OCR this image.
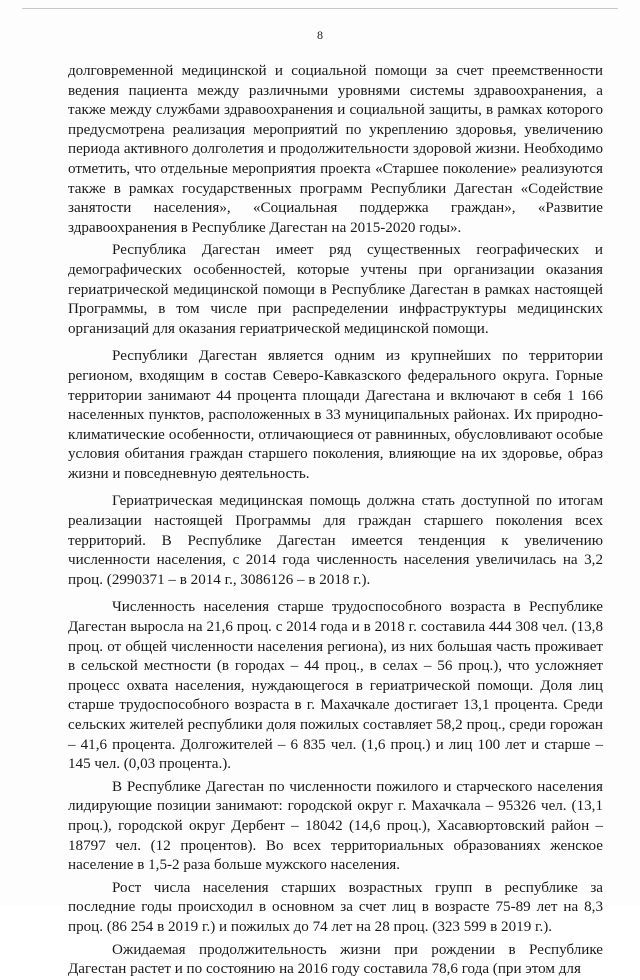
8

долговременной медицинской и социальной помощи за счет преемственности ведения пациента между различными уровнями системы здравоохранения, а также между службами здравоохранения и социальной защиты, в рамках которого предусмотрена реализация мероприятий по укреплению здоровья, увеличению периода активного долголетия и продолжительности здоровой жизни. Необходимо отметить, что отдельные мероприятия проекта «Старшее поколение» реализуются также в рамках государственных программ Республики Дагестан «Содействие занятости населения», «Социальная поддержка граждан», «Развитие здравоохранения в Республике Дагестан на 2015-2020 годы».

Республика Дагестан имеет ряд существенных географических и демографических особенностей, которые учтены при организации оказания гериатрической медицинской помощи в Республике Дагестан в рамках настоящей Программы, в том числе при распределении инфраструктуры медицинских организаций для оказания гериатрической медицинской помощи.

Республики Дагестан является одним из крупнейших по территории регионом, входящим в состав Северо-Кавказского федерального округа. Горные территории занимают 44 процента площади Дагестана и включают в себя 1 166 населенных пунктов, расположенных в 33 муниципальных районах. Их природно-климатические особенности, отличающиеся от равнинных, обусловливают особые условия обитания граждан старшего поколения, влияющие на их здоровье, образ жизни и повседневную деятельность.

Гериатрическая медицинская помощь должна стать доступной по итогам реализации настоящей Программы для граждан старшего поколения всех территорий. В Республике Дагестан имеется тенденция к увеличению численности населения, с 2014 года численность населения увеличилась на 3,2 проц. (2990371 – в 2014 г., 3086126 – в 2018 г.).

Численность населения старше трудоспособного возраста в Республике Дагестан выросла на 21,6 проц. с 2014 года и в 2018 г. составила 444 308 чел. (13,8 проц. от общей численности населения региона), из них большая часть проживает в сельской местности (в городах – 44 проц., в селах – 56 проц.), что усложняет процесс охвата населения, нуждающегося в гериатрической помощи. Доля лиц старше трудоспособного возраста в г. Махачкале достигает 13,1 процента. Среди сельских жителей республики доля пожилых составляет 58,2 проц., среди горожан – 41,6 процента. Долгожителей – 6 835 чел. (1,6 проц.) и лиц 100 лет и старше – 145 чел. (0,03 процента.).

В Республике Дагестан по численности пожилого и старческого населения лидирующие позиции занимают: городской округ г. Махачкала – 95326 чел. (13,1 проц.), городской округ Дербент – 18042 (14,6 проц.), Хасавюртовский район – 18797 чел. (12 процентов). Во всех территориальных образованиях женское население в 1,5-2 раза больше мужского населения.

Рост числа населения старших возрастных групп в республике за последние годы происходил в основном за счет лиц в возрасте 75-89 лет на 8,3 проц. (86 254 в 2019 г.) и пожилых до 74 лет на 28 проц. (323 599 в 2019 г.).

Ожидаемая продолжительность жизни при рождении в Республике Дагестан растет и по состоянию на 2016 году составила 78,6 года (при этом для
